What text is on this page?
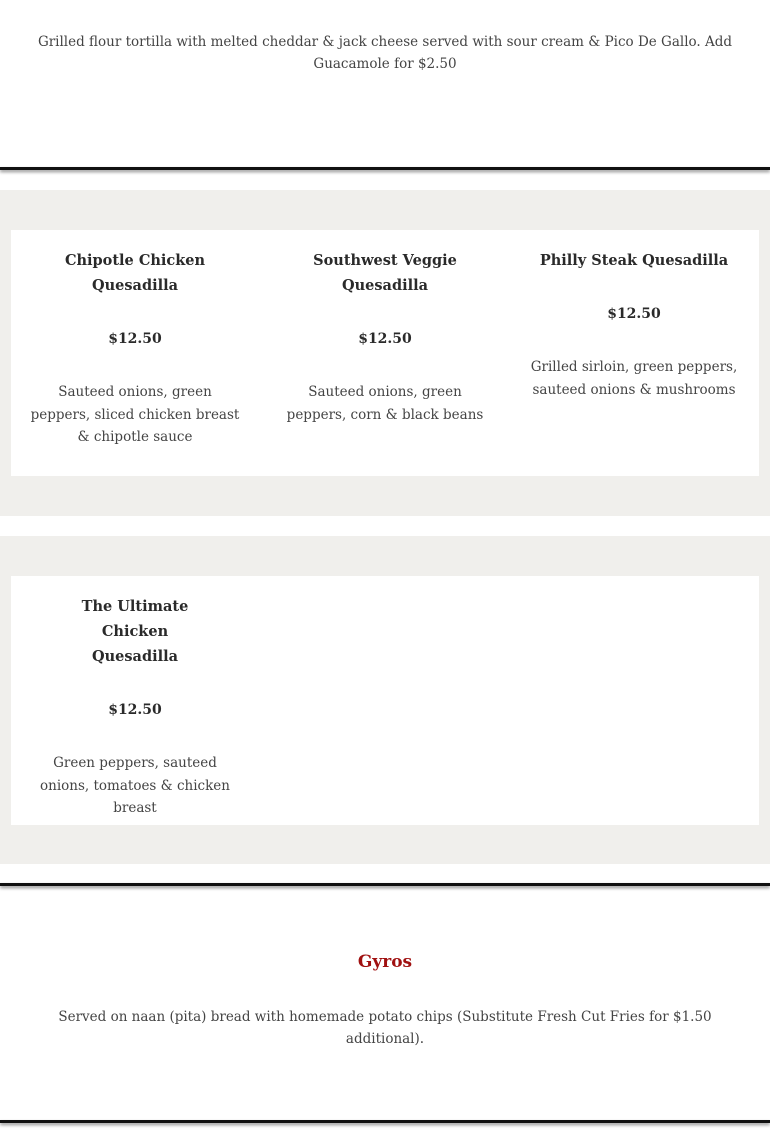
Grilled flour tortilla with melted cheddar & jack cheese served with sour cream & Pico De Gallo. Add Guacamole for $2.50

Chipotle Chicken Quesadilla
$12.50
Sauteed onions, green peppers, sliced chicken breast & chipotle sauce
Southwest Veggie Quesadilla
$12.50
Sauteed onions, green peppers, corn & black beans
Philly Steak Quesadilla
$12.50
Grilled sirloin, green peppers, sauteed onions & mushrooms
The Ultimate Chicken Quesadilla
$12.50
Green peppers, sauteed onions, tomatoes & chicken breast
Gyros

Served on naan (pita) bread with homemade potato chips (Substitute Fresh Cut Fries for $1.50 additional).
